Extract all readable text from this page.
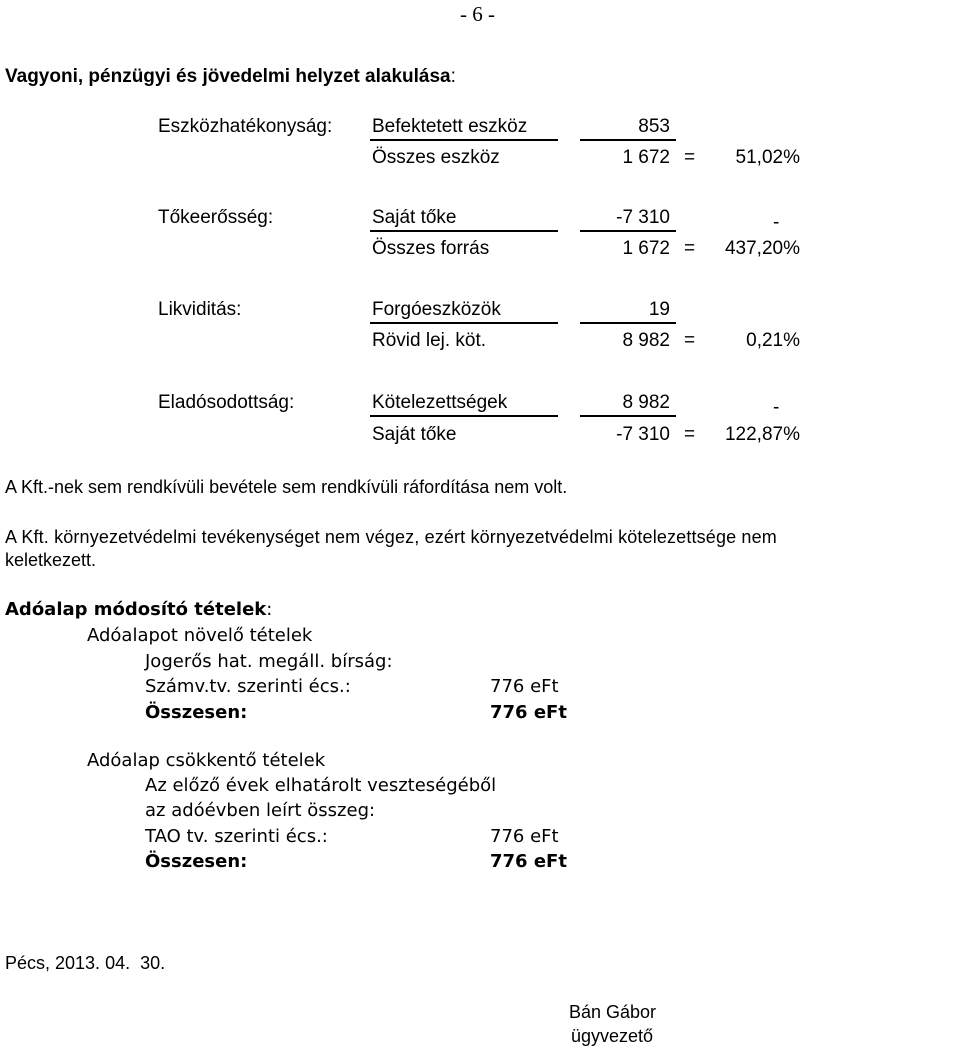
- 6 -
Vagyoni, pénzügyi és jövedelmi helyzet alakulása:
Eszközhatékonyság: Befektetett eszköz	853
Összes eszköz	1 672 =	51,02%
Tőkeerősség:	Saját tőke	-7 310	-
Összes forrás	1 672 =	437,20%
Likviditás:	Forgóeszközök	19
Rövid lej. köt.	8 982 =	0,21%
Eladósodottság:	Kötelezettségek	8 982	-
Saját tőke	-7 310 =	122,87%
A Kft.-nek sem rendkívüli bevétele sem rendkívüli ráfordítása nem volt.
A Kft. környezetvédelmi tevékenységet nem végez, ezért környezetvédelmi kötelezettsége nem
keletkezett.
Adóalap módosító tételek:
Adóalapot növelő tételek
Jogerős hat. megáll. bírság:
Számv.tv. szerinti écs.:	776 eFt
Összesen:	776 eFt
Adóalap csökkentő tételek
Az előző évek elhatárolt veszteségéből
az adóévben leírt összeg:
TAO tv. szerinti écs.:	776 eFt
Összesen:	776 eFt
Pécs, 2013. 04.  30.
Bán Gábor
ügyvezető
